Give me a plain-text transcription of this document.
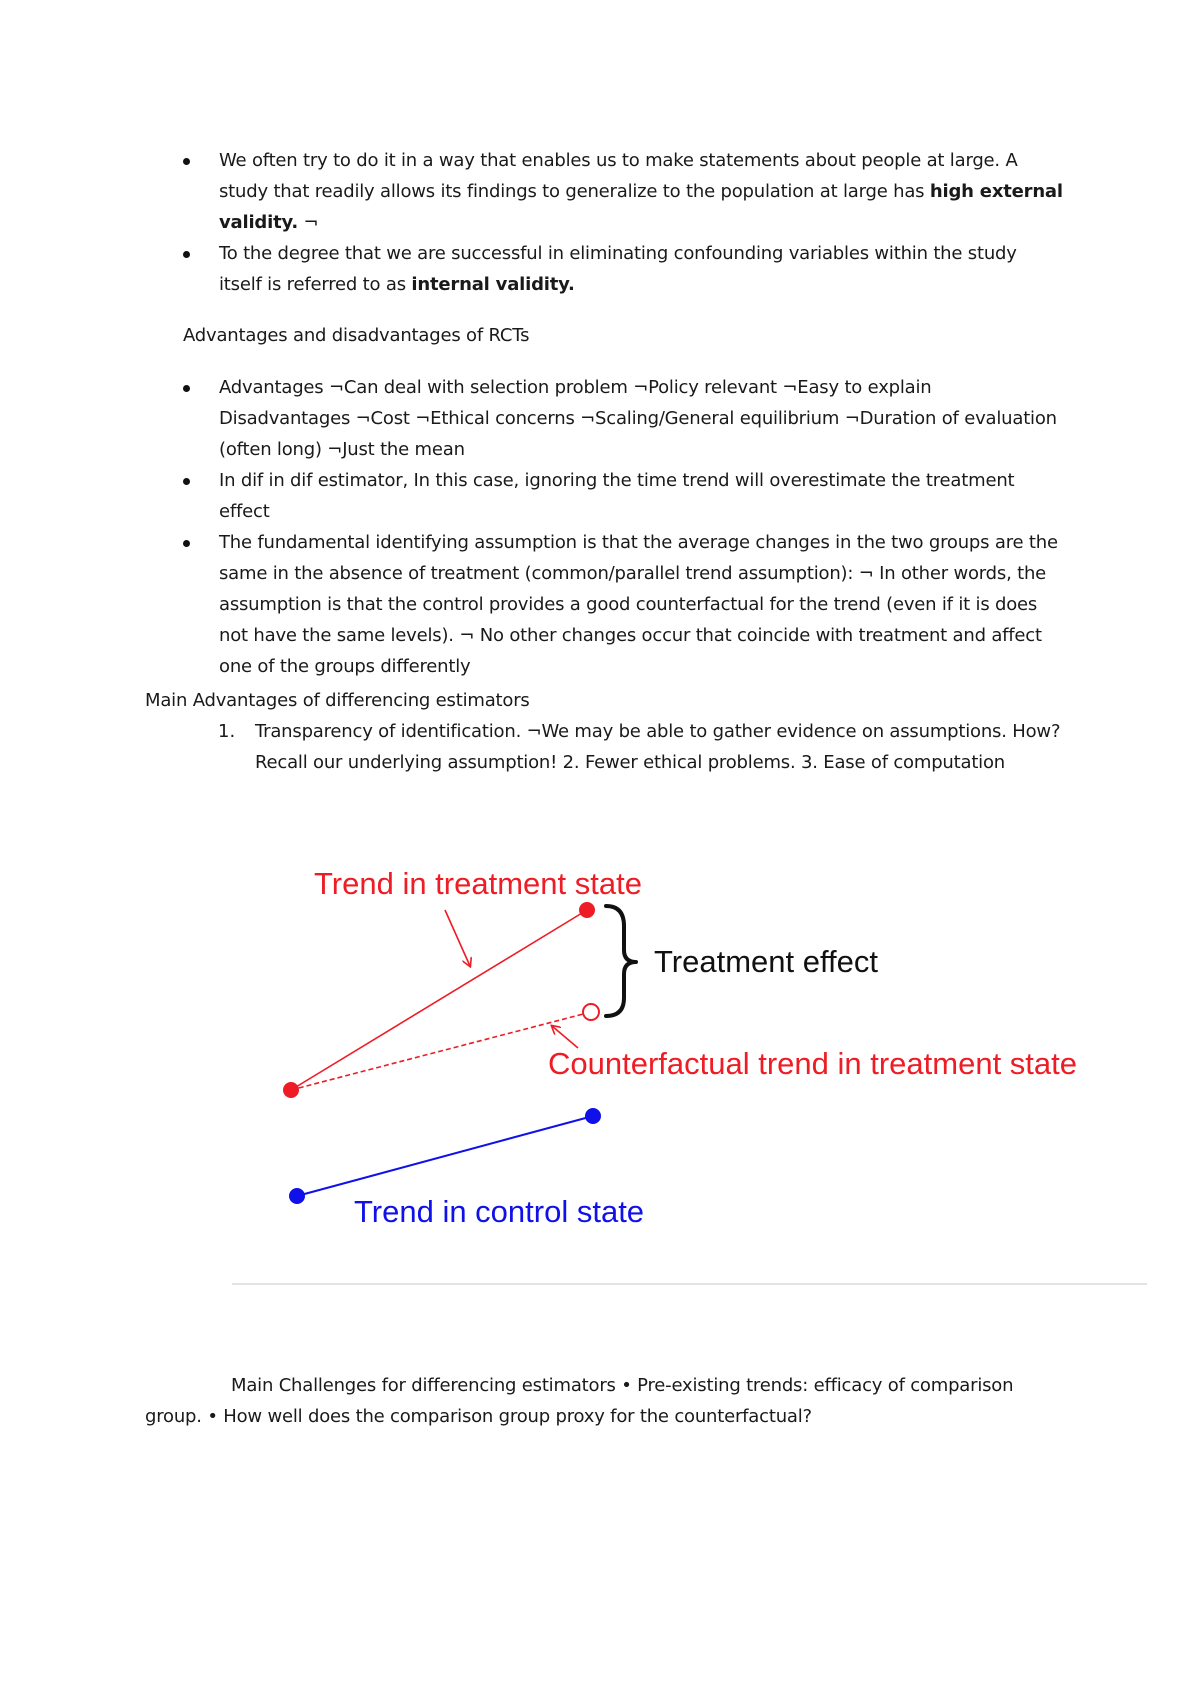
We often try to do it in a way that enables us to make statements about people at large. A study that readily allows its findings to generalize to the population at large has high external validity. ¬

To the degree that we are successful in eliminating confounding variables within the study itself is referred to as internal validity.

Advantages and disadvantages of RCTs

Advantages ¬Can deal with selection problem ¬Policy relevant ¬Easy to explain Disadvantages ¬Cost ¬Ethical concerns ¬Scaling/General equilibrium ¬Duration of evaluation (often long) ¬Just the mean

In dif in dif estimator, In this case, ignoring the time trend will overestimate the treatment effect

The fundamental identifying assumption is that the average changes in the two groups are the same in the absence of treatment (common/parallel trend assumption): ¬ In other words, the assumption is that the control provides a good counterfactual for the trend (even if it is does not have the same levels). ¬ No other changes occur that coincide with treatment and affect one of the groups differently

Main Advantages of differencing estimators

1. Transparency of identification. ¬We may be able to gather evidence on assumptions. How? Recall our underlying assumption! 2. Fewer ethical problems. 3. Ease of computation

Trend in treatment state
Treatment effect
Counterfactual trend in treatment state
Trend in control state

Main Challenges for differencing estimators • Pre-existing trends: efficacy of comparison group. • How well does the comparison group proxy for the counterfactual?
